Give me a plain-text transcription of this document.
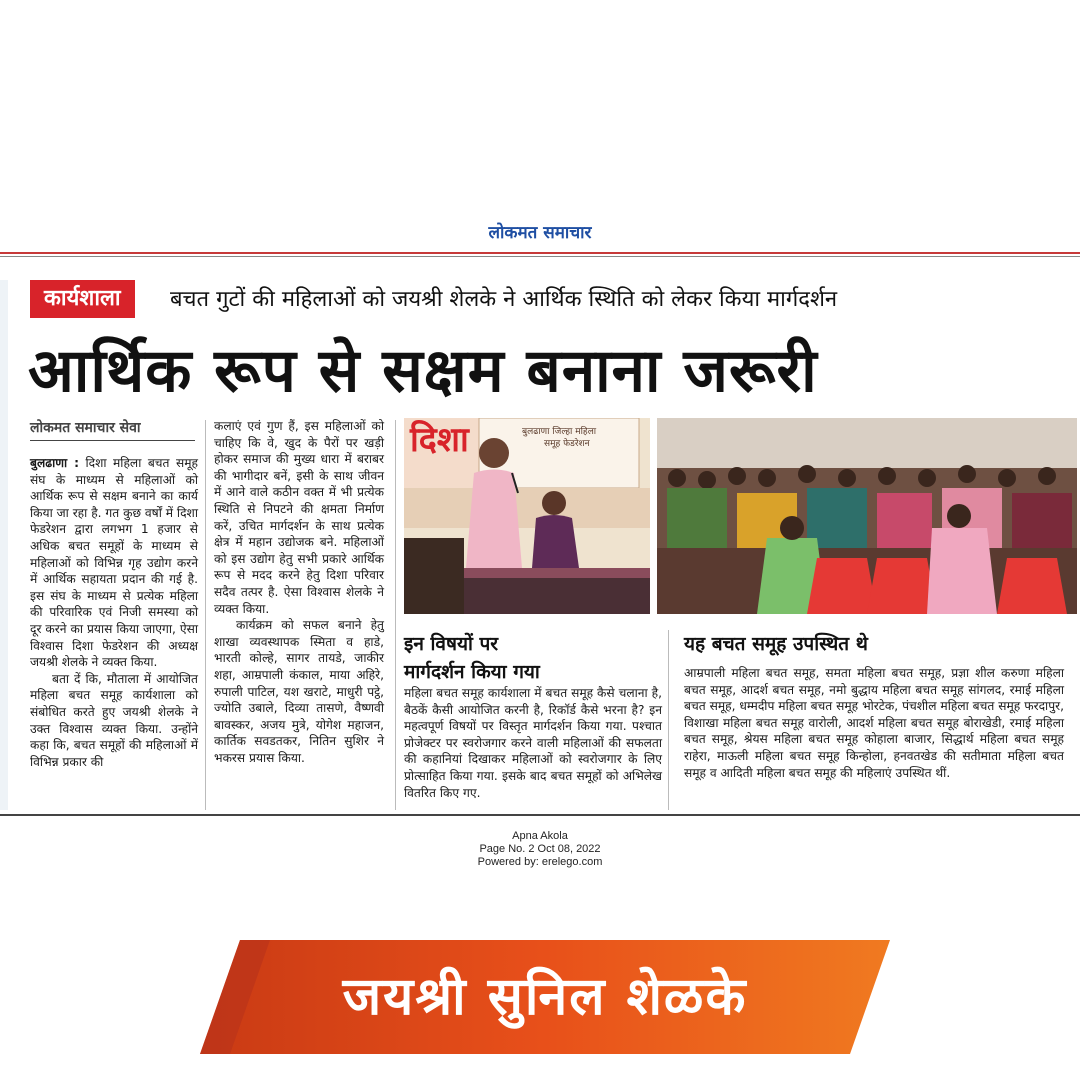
लोकमत समाचार
कार्यशाला	बचत गुटों की महिलाओं को जयश्री शेलके ने आर्थिक स्थिति को लेकर किया मार्गदर्शन
आर्थिक रूप से सक्षम बनाना जरूरी
लोकमत समाचार सेवा

बुलढाणा : दिशा महिला बचत समूह संघ के माध्यम से महिलाओं को आर्थिक रूप से सक्षम बनाने का कार्य किया जा रहा है. गत कुछ वर्षों में दिशा फेडरेशन द्वारा लगभग 1 हजार से अधिक बचत समूहों के माध्यम से महिलाओं को विभिन्न गृह उद्योग करने में आर्थिक सहायता प्रदान की गई है. इस संघ के माध्यम से प्रत्येक महिला की परिवारिक एवं निजी समस्या को दूर करने का प्रयास किया जाएगा, ऐसा विश्वास दिशा फेडरेशन की अध्यक्ष जयश्री शेलके ने व्यक्त किया.

बता दें कि, मौताला में आयोजित महिला बचत समूह कार्यशाला को संबोधित करते हुए जयश्री शेलके ने उक्त विश्वास व्यक्त किया. उन्होंने कहा कि, बचत समूहों की महिलाओं में विभिन्न प्रकार की

कलाएं एवं गुण हैं, इस महिलाओं को चाहिए कि वे, खुद के पैरों पर खड़ी होकर समाज की मुख्य धारा में बराबर की भागीदार बनें, इसी के साथ जीवन में आने वाले कठीन वक्त में भी प्रत्येक स्थिति से निपटने की क्षमता निर्माण करें, उचित मार्गदर्शन के साथ प्रत्येक क्षेत्र में महान उद्योजक बने. महिलाओं को इस उद्योग हेतु सभी प्रकारे आर्थिक रूप से मदद करने हेतु दिशा परिवार सदैव तत्पर है. ऐसा विश्वास शेलके ने व्यक्त किया.

कार्यक्रम को सफल बनाने हेतु शाखा व्यवस्थापक स्मिता व हाडे, भारती कोल्हे, सागर तायडे, जाकीर शहा, आम्रपाली कंकाल, माया अहिरे, रुपाली पाटिल, यश खराटे, माधुरी पट्ठे, ज्योति उबाले, दिव्या तासणे, वैष्णवी बावस्कर, अजय मुत्रे, योगेश महाजन, कार्तिक सवडतकर, नितिन सुशिर ने भकरस प्रयास किया.

दिशा	बुलढाणा जिल्हा महिला
समूह फेडरेशन
इन विषयों पर
मार्गदर्शन किया गया
महिला बचत समूह कार्यशाला में बचत समूह कैसे चलाना है, बैठकें कैसी आयोजित करनी है, रिकॉर्ड कैसे भरना है? इन महत्वपूर्ण विषयों पर विस्तृत मार्गदर्शन किया गया. पश्चात प्रोजेक्टर पर स्वरोजगार करने वाली महिलाओं की सफलता की कहानियां दिखाकर महिलाओं को स्वरोजगार के लिए प्रोत्साहित किया गया. इसके बाद बचत समूहों को अभिलेख वितरित किए गए.
यह बचत समूह उपस्थित थे
आम्रपाली महिला बचत समूह, समता महिला बचत समूह, प्रज्ञा शील करुणा महिला बचत समूह, आदर्श बचत समूह, नमो बुद्धाय महिला बचत समूह सांगलद, रमाई महिला बचत समूह, धम्मदीप महिला बचत समूह भोरटेक, पंचशील महिला बचत समूह फरदापुर, विशाखा महिला बचत समूह वारोली, आदर्श महिला बचत समूह बोराखेडी, रमाई महिला बचत समूह, श्रेयस महिला बचत समूह कोहाला बाजार, सिद्धार्थ महिला बचत समूह राहेरा, माऊली महिला बचत समूह किन्होला, हनवतखेड की सतीमाता महिला बचत समूह व आदिती महिला बचत समूह की महिलाएं उपस्थित थीं.
Apna Akola
Page No. 2 Oct 08, 2022
Powered by: erelego.com
जयश्री सुनिल शेळके
